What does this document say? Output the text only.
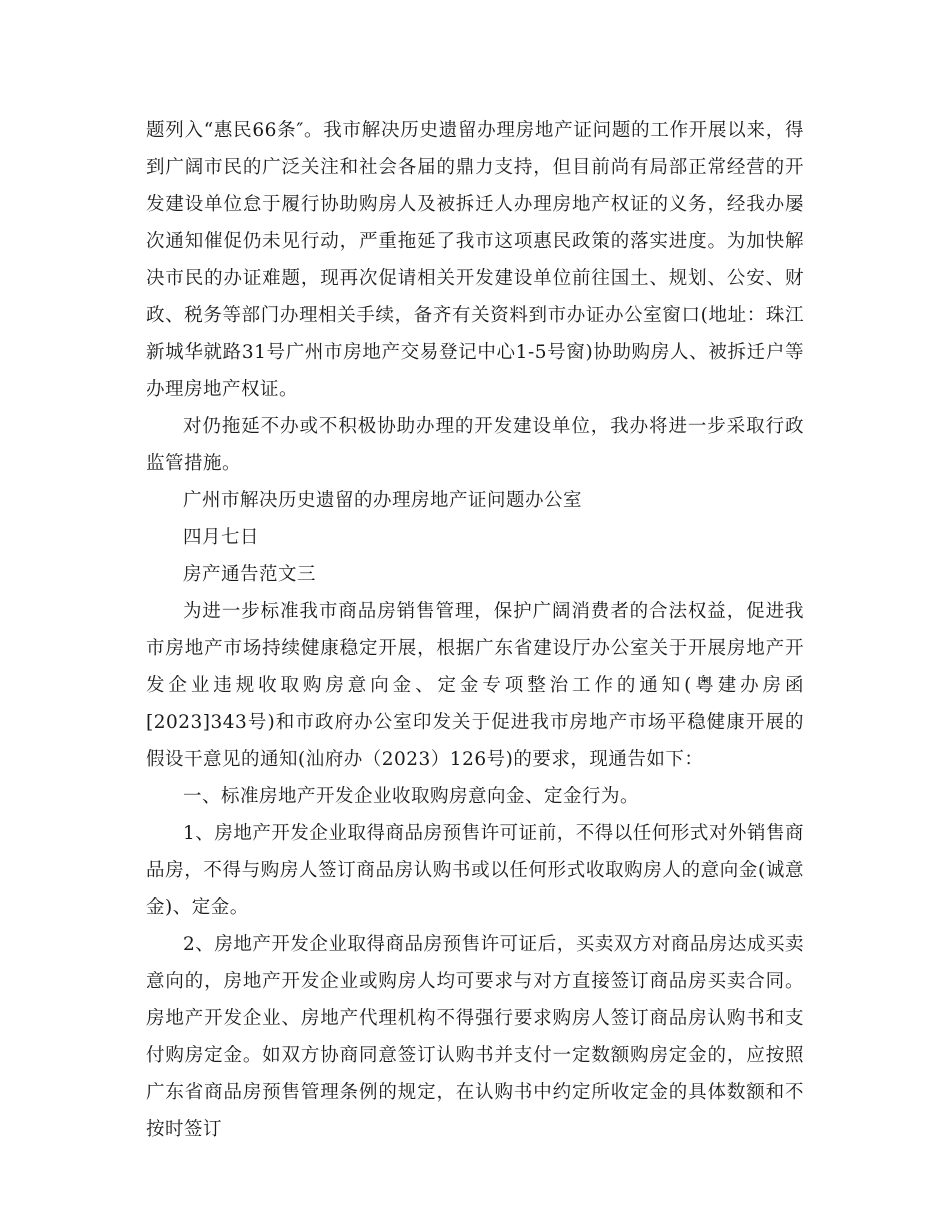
题列入“惠民66条″。我市解决历史遗留办理房地产证问题的工作开展以来，得到广阔市民的广泛关注和社会各届的鼎力支持，但目前尚有局部正常经营的开发建设单位怠于履行协助购房人及被拆迁人办理房地产权证的义务，经我办屡次通知催促仍未见行动，严重拖延了我市这项惠民政策的落实进度。为加快解决市民的办证难题，现再次促请相关开发建设单位前往国土、规划、公安、财政、税务等部门办理相关手续，备齐有关资料到市办证办公室窗口(地址：珠江新城华就路31号广州市房地产交易登记中心1-5号窗)协助购房人、被拆迁户等办理房地产权证。

对仍拖延不办或不积极协助办理的开发建设单位，我办将进一步采取行政监管措施。

广州市解决历史遗留的办理房地产证问题办公室

四月七日

房产通告范文三

为进一步标准我市商品房销售管理，保护广阔消费者的合法权益，促进我市房地产市场持续健康稳定开展，根据广东省建设厅办公室关于开展房地产开发企业违规收取购房意向金、定金专项整治工作的通知(粤建办房函[2023]343号)和市政府办公室印发关于促进我市房地产市场平稳健康开展的假设干意见的通知(汕府办（2023）126号)的要求，现通告如下：

一、标准房地产开发企业收取购房意向金、定金行为。

1、房地产开发企业取得商品房预售许可证前，不得以任何形式对外销售商品房，不得与购房人签订商品房认购书或以任何形式收取购房人的意向金(诚意金)、定金。

2、房地产开发企业取得商品房预售许可证后，买卖双方对商品房达成买卖意向的，房地产开发企业或购房人均可要求与对方直接签订商品房买卖合同。房地产开发企业、房地产代理机构不得强行要求购房人签订商品房认购书和支付购房定金。如双方协商同意签订认购书并支付一定数额购房定金的，应按照广东省商品房预售管理条例的规定，在认购书中约定所收定金的具体数额和不按时签订
